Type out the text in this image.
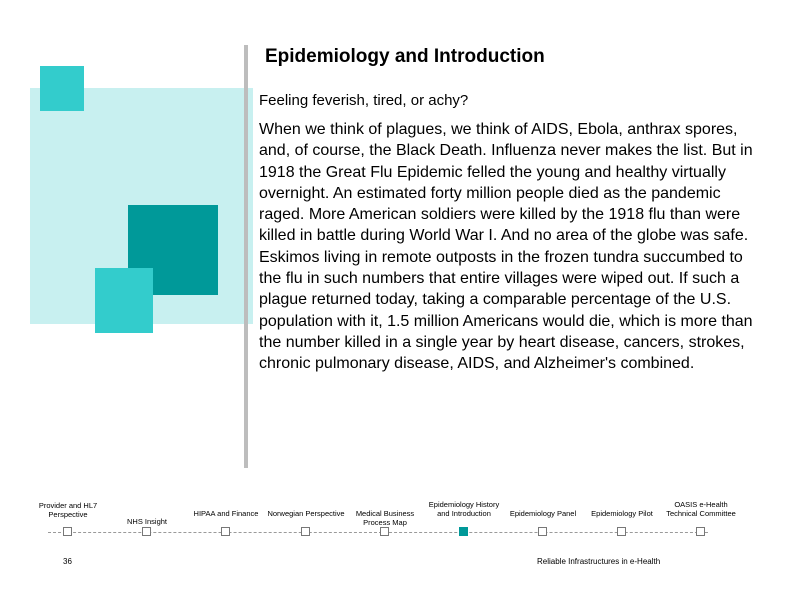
Epidemiology and Introduction
Feeling feverish, tired, or achy?

When we think of plagues, we think of AIDS, Ebola, anthrax spores, and, of course, the Black Death. Influenza never makes the list. But in 1918 the Great Flu Epidemic felled the young and healthy virtually overnight. An estimated forty million people died as the pandemic raged. More American soldiers were killed by the 1918 flu than were killed in battle during World War I. And no area of the globe was safe. Eskimos living in remote outposts in the frozen tundra succumbed to the flu in such numbers that entire villages were wiped out. If such a plague returned today, taking a comparable percentage of the U.S. population with it, 1.5 million Americans would die, which is more than the number killed in a single year by heart disease, cancers, strokes, chronic pulmonary disease, AIDS, and Alzheimer's combined.

Provider and HL7 Perspective
NHS Insight
HIPAA and Finance	Norwegian Perspective	Medical Business Process Map
Epidemiology History and Introduction	Epidemiology Panel	Epidemiology Pilot
OASIS e-Health Technical Committee
36	Reliable Infrastructures in e-Health
